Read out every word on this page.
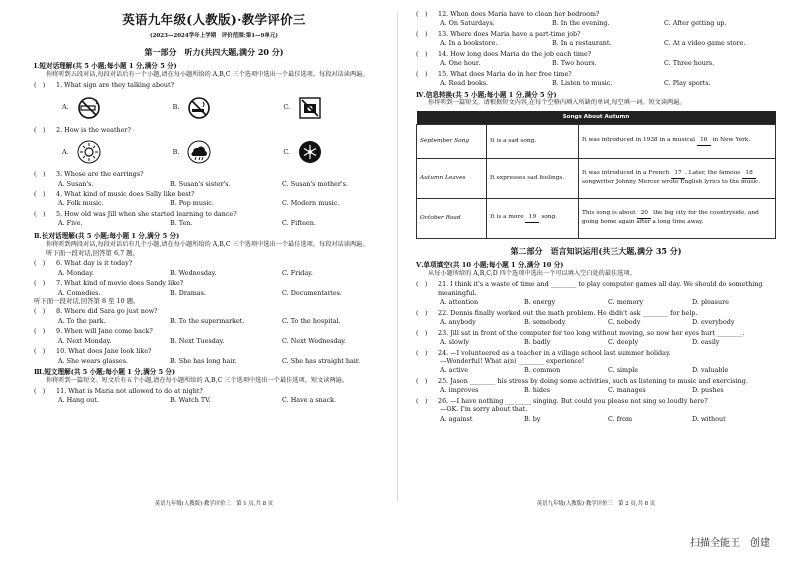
英语九年级(人教版)·教学评价三
(2023—2024学年上学期　评价范围:第1—9单元)
第一部分　听力(共四大题,满分 20 分)
Ⅰ.短对话理解(共 5 小题;每小题 1 分,满分 5 分)
你将听到五段对话,每段对话后有一个小题,请在每小题所给的 A,B,C 三个选项中选出一个最佳选项。每段对话读两遍。
(　)	1. What sign are they talking about?
A.	B.	C.
(　)	2. How is the weather?
A.	B.	C.
(　)	3. Whose are the earrings?
A. Susan's.	B. Susan's sister's.	C. Susan's mother's.
(　)	4. What kind of music does Sally like best?
A. Folk music.	B. Pop music.	C. Modern music.
(　)	5. How old was Jill when she started learning to dance?
A. Five.	B. Ten.	C. Fifteen.
Ⅱ.长对话理解(共 5 小题;每小题 1 分,满分 5 分)
你将听到两段对话,每段对话后有几个小题,请在每小题所给的 A,B,C 三个选项中选出一个最佳选项。每段对话读两遍。
听下面一段对话,回答第 6,7 题。
(　)	6. What day is it today?
A. Monday.	B. Wednesday.	C. Friday.
(　)	7. What kind of movie does Sandy like?
A. Comedies.	B. Dramas.	C. Documentaries.
听下面一段对话,回答第 8 至 10 题。
(　)	8. Where did Sara go just now?
A. To the park.	B. To the supermarket.	C. To the hospital.
(　)	9. When will Jane come back?
A. Next Monday.	B. Next Tuesday.	C. Next Wednesday.
(　)	10. What does Jane look like?
A. She wears glasses.	B. She has long hair.	C. She has straight hair.
Ⅲ.短文理解(共 5 小题;每小题 1 分,满分 5 分)
你将听到一篇短文。短文后有五个小题,请在每小题所给的 A,B,C 三个选项中选出一个最佳选项。短文读两遍。
(　)	11. What is Maria not allowed to do at night?
A. Hang out.	B. Watch TV.	C. Have a snack.
英语九年级(人教版)·教学评价三　第 1 页,共 8 页
(　)	12. When does Maria have to clean her bedroom?
A. On Saturdays.	B. In the evening.	C. After getting up.
(　)	13. Where does Maria have a part-time job?
A. In a bookstore.	B. In a restaurant.	C. At a video game store.
(　)	14. How long does Maria do the job each time?
A. One hour.	B. Two hours.	C. Three hours.
(　)	15. What does Maria do in her free time?
A. Read books.	B. Listen to music.	C. Play sports.
Ⅳ.信息转换(共 5 小题;每小题 1 分,满分 5 分)
你将听到一篇短文。请根据短文内容,在每个空格内填入所缺的单词,每空填一词。短文读两遍。
Songs About Autumn		
September Song	It is a sad song.	It was introduced in 1938 in a musical 16 in New York.
Autumn Leaves	It expresses sad feelings.	It was introduced in a French 17 . Later, the famous 18 songwriter Johnny Mercer wrote English lyrics to the music.
October Road	It is a more 19 song.	This song is about 20 the big city for the countryside, and going home again after a long time away.
第二部分　语言知识运用(共三大题,满分 35 分)
Ⅴ.单项填空(共 10 小题;每小题 1 分,满分 10 分)
从每小题所给的 A,B,C,D 四个选项中选出一个可以填入空白处的最佳选项。
(　)	21. I think it's a waste of time and ________ to play computer games all day. We should do something meaningful.
A. attention	B. energy	C. memory	D. pleasure
(　)	22. Dennis finally worked out the math problem. He didn't ask ________ for help.
A. anybody	B. somebody	C. nobody	D. everybody
(　)	23. Jill sat in front of the computer for too long without moving, so now her eyes hurt ________.
A. slowly	B. badly	C. deeply	D. easily
(　)	24. —I volunteered as a teacher in a village school last summer holiday.
—Wonderful! What a(n) ________ experience!
A. active	B. common	C. simple	D. valuable
(　)	25. Jason ________ his stress by doing some activities, such as listening to music and exercising.
A. improves	B. hides	C. manages	D. pushes
(　)	26. —I have nothing ________ singing. But could you please not sing so loudly here?
—OK. I'm sorry about that.
A. against	B. by	C. from	D. without
英语九年级(人教版)·教学评价三　第 2 页,共 8 页
扫描全能王　创建
